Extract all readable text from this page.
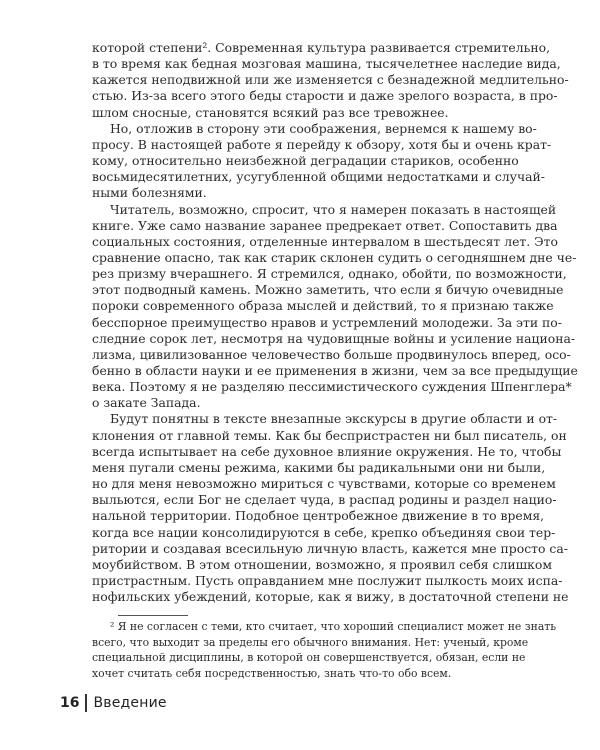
которой степени². Современная культура развивается стремительно,
в то время как бедная мозговая машина, тысячелетнее наследие вида,
кажется неподвижной или же изменяется с безнадежной медлительно-
стью. Из-за всего этого беды старости и даже зрелого возраста, в про-
шлом сносные, становятся всякий раз все тревожнее.
Но, отложив в сторону эти соображения, вернемся к нашему во-
просу. В настоящей работе я перейду к обзору, хотя бы и очень крат-
кому, относительно неизбежной деградации стариков, особенно
восьмидесятилетних, усугубленной общими недостатками и случай-
ными болезнями.
Читатель, возможно, спросит, что я намерен показать в настоящей
книге. Уже само название заранее предрекает ответ. Сопоставить два
социальных состояния, отделенные интервалом в шестьдесят лет. Это
сравнение опасно, так как старик склонен судить о сегодняшнем дне че-
рез призму вчерашнего. Я стремился, однако, обойти, по возможности,
этот подводный камень. Можно заметить, что если я бичую очевидные
пороки современного образа мыслей и действий, то я признаю также
бесспорное преимущество нравов и устремлений молодежи. За эти по-
следние сорок лет, несмотря на чудовищные войны и усиление национа-
лизма, цивилизованное человечество больше продвинулось вперед, осо-
бенно в области науки и ее применения в жизни, чем за все предыдущие
века. Поэтому я не разделяю пессимистического суждения Шпенглера*
о закате Запада.
Будут понятны в тексте внезапные экскурсы в другие области и от-
клонения от главной темы. Как бы беспристрастен ни был писатель, он
всегда испытывает на себе духовное влияние окружения. Не то, чтобы
меня пугали смены режима, какими бы радикальными они ни были,
но для меня невозможно мириться с чувствами, которые со временем
выльются, если Бог не сделает чуда, в распад родины и раздел нацио-
нальной территории. Подобное центробежное движение в то время,
когда все нации консолидируются в себе, крепко объединяя свои тер-
ритории и создавая всесильную личную власть, кажется мне просто са-
моубийством. В этом отношении, возможно, я проявил себя слишком
пристрастным. Пусть оправданием мне послужит пылкость моих испа-
нофильских убеждений, которые, как я вижу, в достаточной степени не
² Я не согласен с теми, кто считает, что хороший специалист может не знать
всего, что выходит за пределы его обычного внимания. Нет: ученый, кроме
специальной дисциплины, в которой он совершенствуется, обязан, если не
хочет считать себя посредственностью, знать что-то обо всем.
16 Введение
